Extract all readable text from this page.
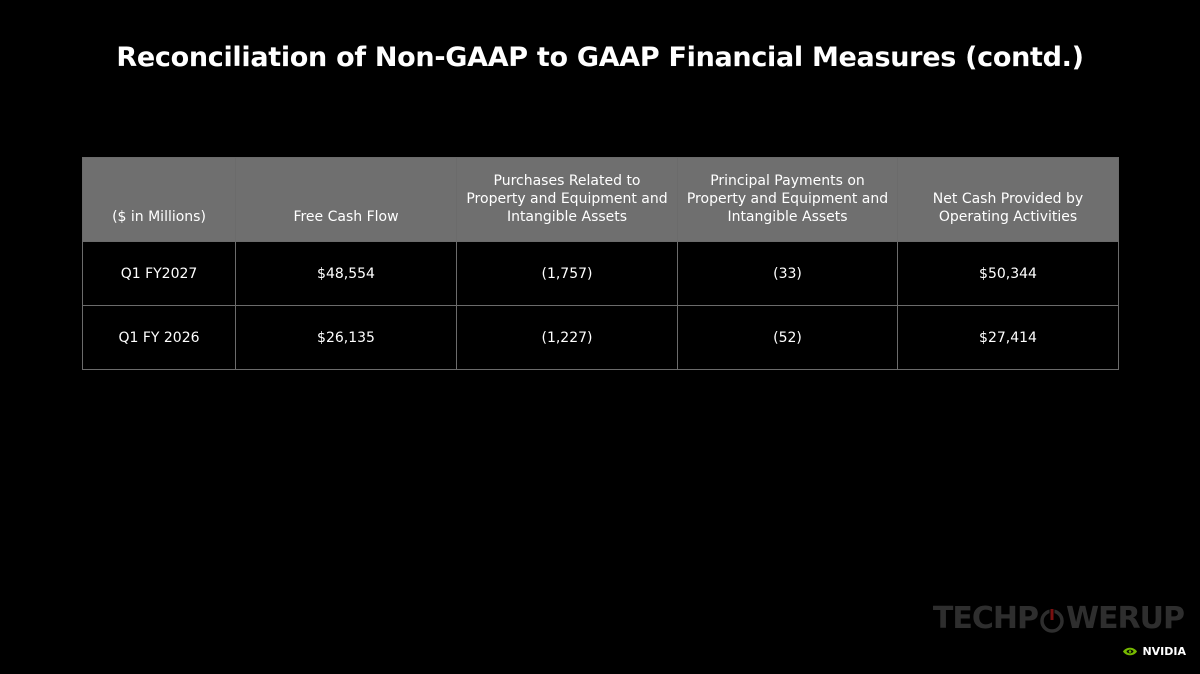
Reconciliation of Non-GAAP to GAAP Financial Measures (contd.)
($ in Millions)	Free Cash Flow	Purchases Related to Property and Equipment and Intangible Assets	Principal Payments on Property and Equipment and Intangible Assets	Net Cash Provided by Operating Activities
Q1 FY2027	$48,554	(1,757)	(33)	$50,344
Q1 FY 2026	$26,135	(1,227)	(52)	$27,414
TECHP WERUP
NVIDIA
